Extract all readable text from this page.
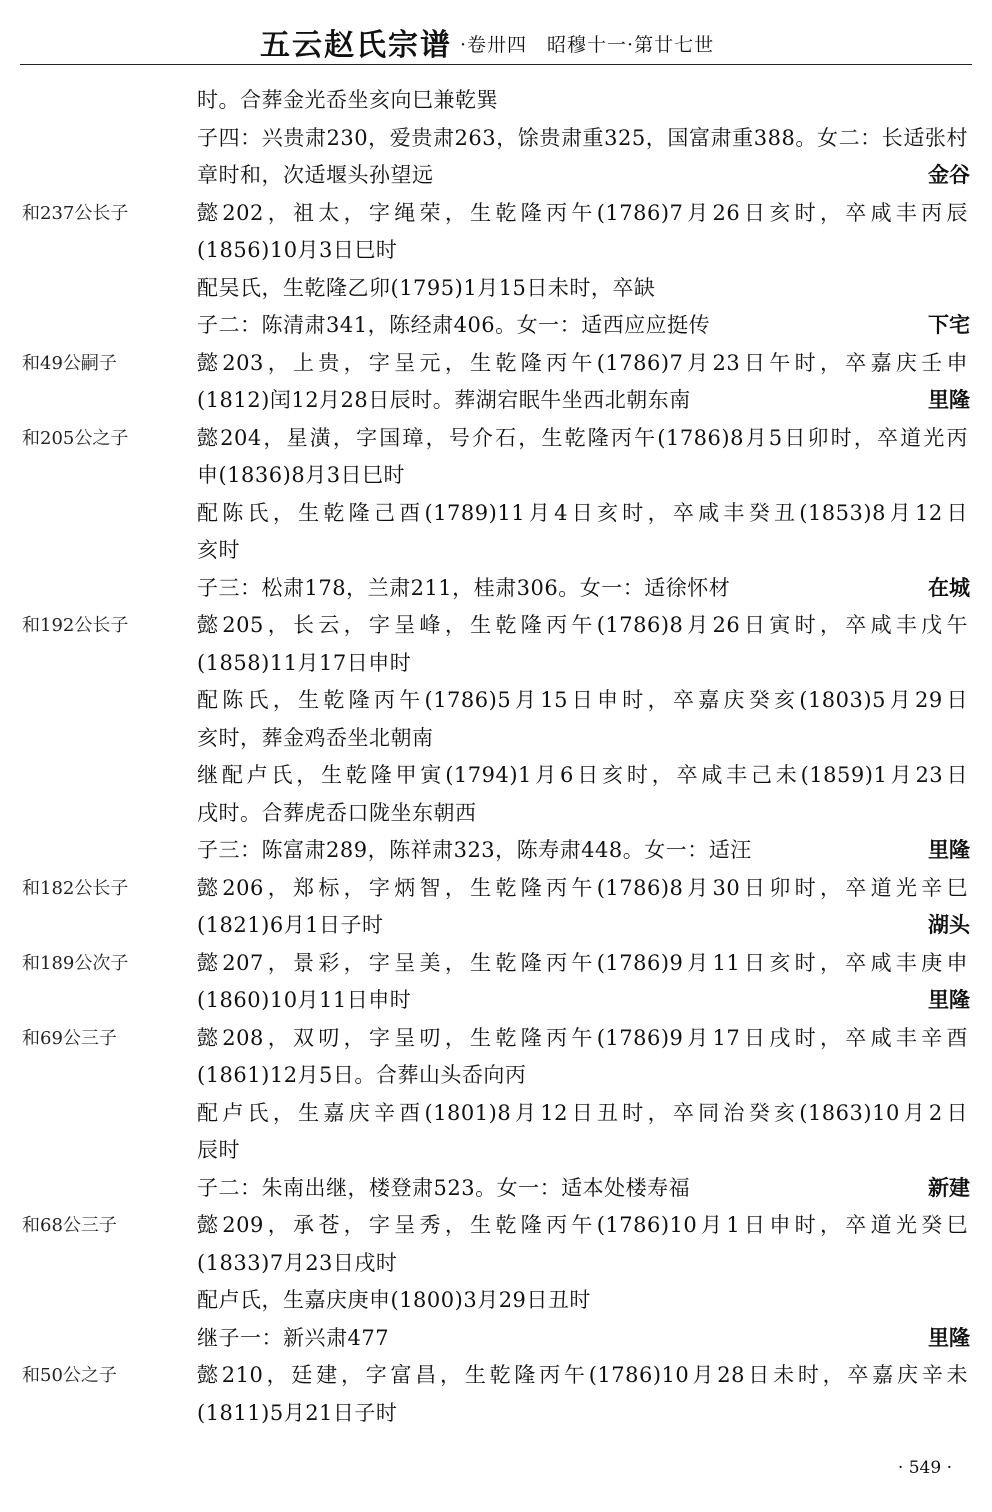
五云赵氏宗谱 ·卷卅四　昭穆十一·第廿七世
时。合葬金光岙坐亥向巳兼乾巽
子四：兴贵肃230，爱贵肃263，馀贵肃重325，国富肃重388。女二：长适张村
章时和，次适堰头孙望远	金谷
和237公长子	懿202，祖太，字绳荣，生乾隆丙午(1786)7月26日亥时，卒咸丰丙辰
(1856)10月3日巳时
配吴氏，生乾隆乙卯(1795)1月15日未时，卒缺
子二：陈清肃341，陈经肃406。女一：适西应应挺传	下宅
和49公嗣子	懿203，上贵，字呈元，生乾隆丙午(1786)7月23日午时，卒嘉庆壬申
(1812)闰12月28日辰时。葬湖宕眠牛坐西北朝东南	里隆
和205公之子	懿204，星潢，字国璋，号介石，生乾隆丙午(1786)8月5日卯时，卒道光丙
申(1836)8月3日巳时
配陈氏，生乾隆己酉(1789)11月4日亥时，卒咸丰癸丑(1853)8月12日
亥时
子三：松肃178，兰肃211，桂肃306。女一：适徐怀材	在城
和192公长子	懿205，长云，字呈峰，生乾隆丙午(1786)8月26日寅时，卒咸丰戊午
(1858)11月17日申时
配陈氏，生乾隆丙午(1786)5月15日申时，卒嘉庆癸亥(1803)5月29日
亥时，葬金鸡岙坐北朝南
继配卢氏，生乾隆甲寅(1794)1月6日亥时，卒咸丰己未(1859)1月23日
戌时。合葬虎岙口陇坐东朝西
子三：陈富肃289，陈祥肃323，陈寿肃448。女一：适汪	里隆
和182公长子	懿206，郑标，字炳智，生乾隆丙午(1786)8月30日卯时，卒道光辛巳
(1821)6月1日子时	湖头
和189公次子	懿207，景彩，字呈美，生乾隆丙午(1786)9月11日亥时，卒咸丰庚申
(1860)10月11日申时	里隆
和69公三子	懿208，双叨，字呈叨，生乾隆丙午(1786)9月17日戌时，卒咸丰辛酉
(1861)12月5日。合葬山头岙向丙
配卢氏，生嘉庆辛酉(1801)8月12日丑时，卒同治癸亥(1863)10月2日
辰时
子二：朱南出继，楼登肃523。女一：适本处楼寿福	新建
和68公三子	懿209，承苍，字呈秀，生乾隆丙午(1786)10月1日申时，卒道光癸巳
(1833)7月23日戌时
配卢氏，生嘉庆庚申(1800)3月29日丑时
继子一：新兴肃477	里隆
和50公之子	懿210，廷建，字富昌，生乾隆丙午(1786)10月28日未时，卒嘉庆辛未
(1811)5月21日子时
· 549 ·
